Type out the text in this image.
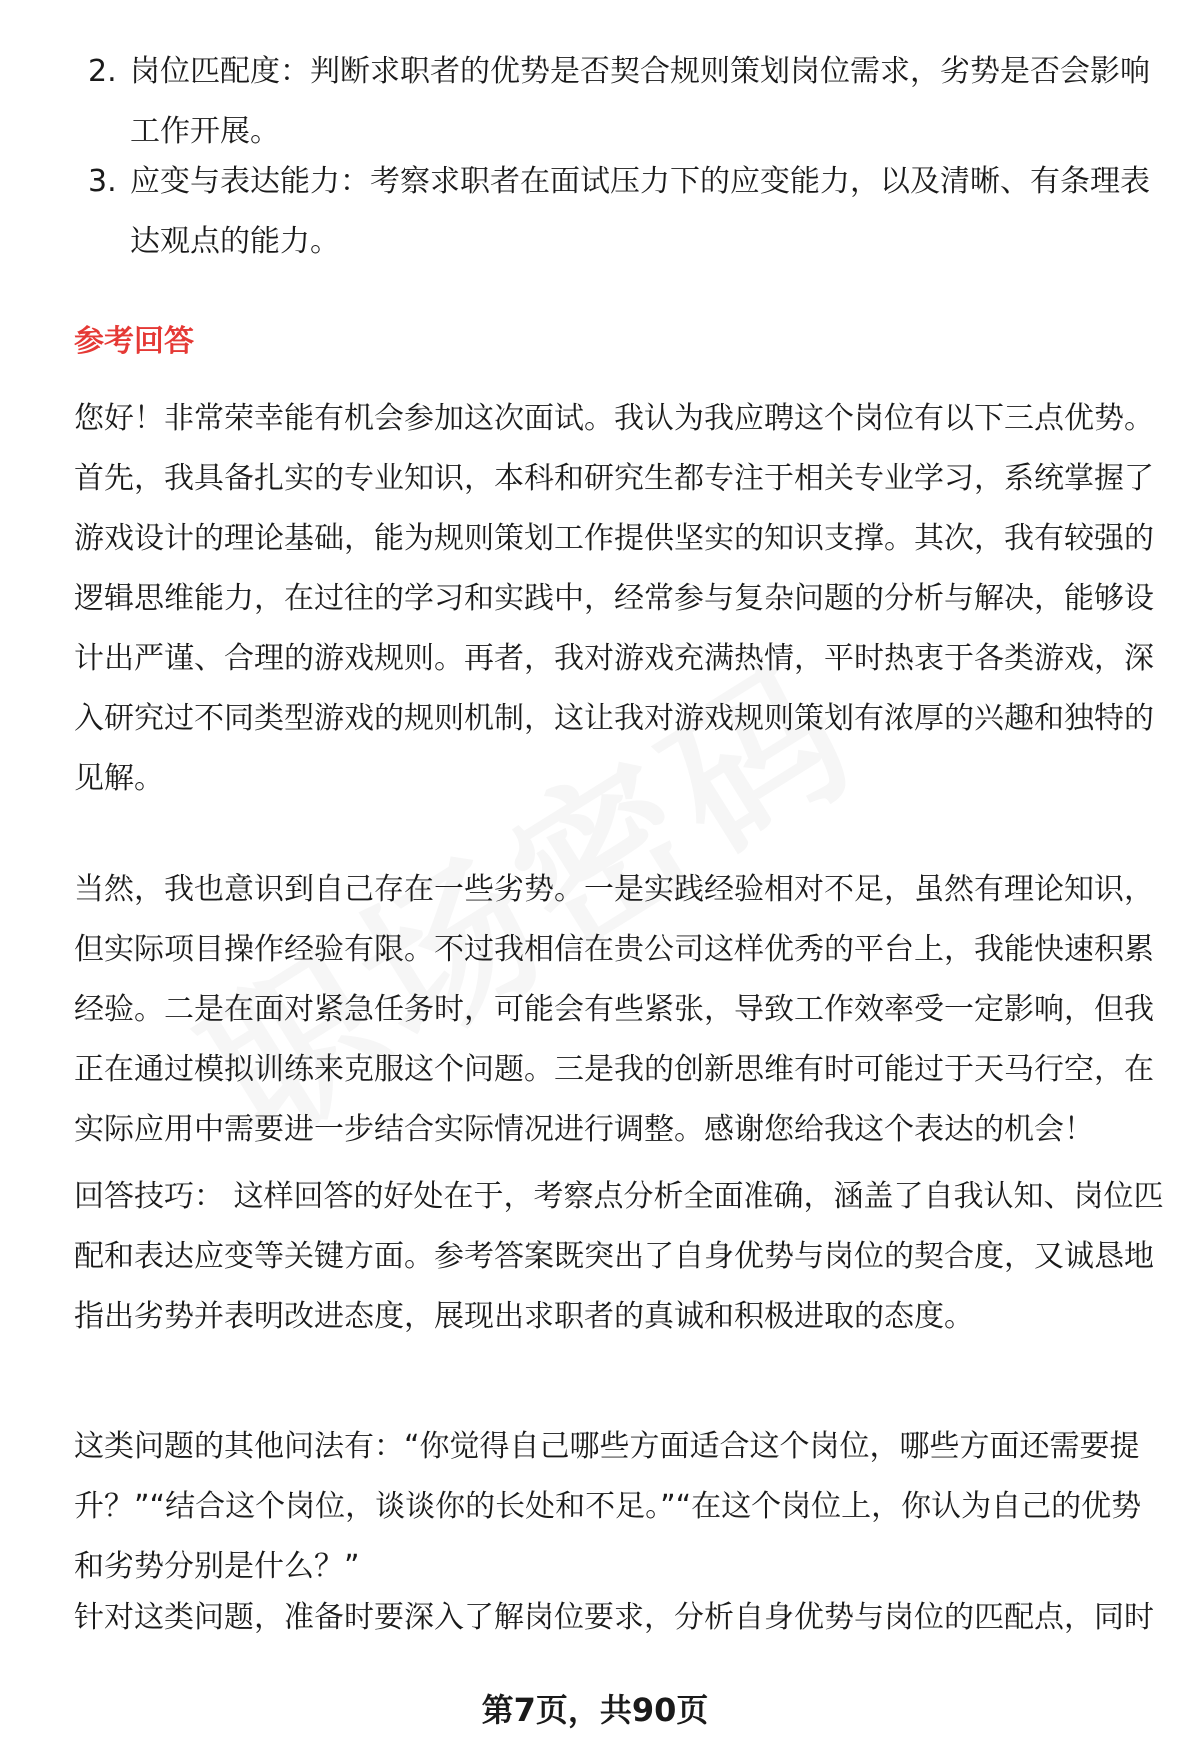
2. 岗位匹配度：判断求职者的优势是否契合规则策划岗位需求，劣势是否会影响工作开展。
3. 应变与表达能力：考察求职者在面试压力下的应变能力，以及清晰、有条理表达观点的能力。
参考回答

您好！非常荣幸能有机会参加这次面试。我认为我应聘这个岗位有以下三点优势。首先，我具备扎实的专业知识，本科和研究生都专注于相关专业学习，系统掌握了游戏设计的理论基础，能为规则策划工作提供坚实的知识支撑。其次，我有较强的逻辑思维能力，在过往的学习和实践中，经常参与复杂问题的分析与解决，能够设计出严谨、合理的游戏规则。再者，我对游戏充满热情，平时热衷于各类游戏，深入研究过不同类型游戏的规则机制，这让我对游戏规则策划有浓厚的兴趣和独特的见解。

当然，我也意识到自己存在一些劣势。一是实践经验相对不足，虽然有理论知识，但实际项目操作经验有限。不过我相信在贵公司这样优秀的平台上，我能快速积累经验。二是在面对紧急任务时，可能会有些紧张，导致工作效率受一定影响，但我正在通过模拟训练来克服这个问题。三是我的创新思维有时可能过于天马行空，在实际应用中需要进一步结合实际情况进行调整。感谢您给我这个表达的机会！

回答技巧： 这样回答的好处在于，考察点分析全面准确，涵盖了自我认知、岗位匹配和表达应变等关键方面。参考答案既突出了自身优势与岗位的契合度，又诚恳地指出劣势并表明改进态度，展现出求职者的真诚和积极进取的态度。

这类问题的其他问法有：“你觉得自己哪些方面适合这个岗位，哪些方面还需要提升？”“结合这个岗位，谈谈你的长处和不足。”“在这个岗位上，你认为自己的优势和劣势分别是什么？”

针对这类问题，准备时要深入了解岗位要求，分析自身优势与岗位的匹配点，同时

第7页，共90页
